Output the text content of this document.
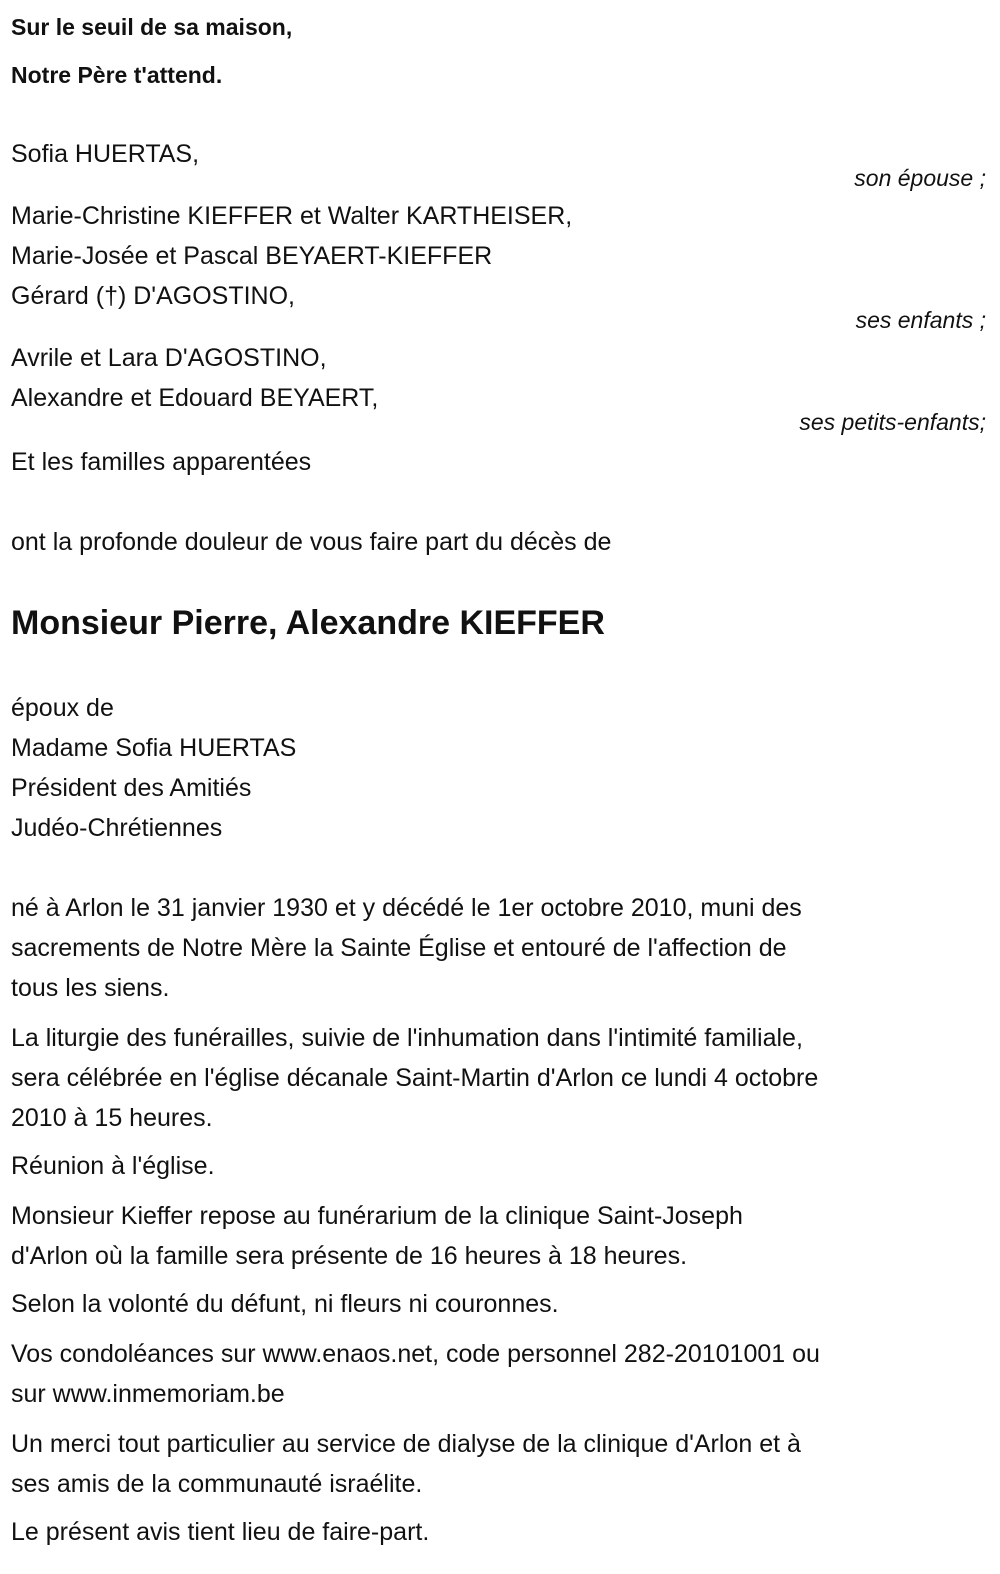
Sur le seuil de sa maison,
Notre Père t'attend.
Sofia HUERTAS,
son épouse ;
Marie-Christine KIEFFER et Walter KARTHEISER,
Marie-Josée et Pascal BEYAERT-KIEFFER
Gérard (†) D'AGOSTINO,
ses enfants ;
Avrile et Lara D'AGOSTINO,
Alexandre et Edouard BEYAERT,
ses petits-enfants;
Et les familles apparentées
ont la profonde douleur de vous faire part du décès de
Monsieur Pierre, Alexandre KIEFFER
époux de
Madame Sofia HUERTAS
Président des Amitiés
Judéo-Chrétiennes
né à Arlon le 31 janvier 1930 et y décédé le 1er octobre 2010, muni des
sacrements de Notre Mère la Sainte Église et entouré de l'affection de
tous les siens.
La liturgie des funérailles, suivie de l'inhumation dans l'intimité familiale,
sera célébrée en l'église décanale Saint-Martin d'Arlon ce lundi 4 octobre
2010 à 15 heures.
Réunion à l'église.
Monsieur Kieffer repose au funérarium de la clinique Saint-Joseph
d'Arlon où la famille sera présente de 16 heures à 18 heures.
Selon la volonté du défunt, ni fleurs ni couronnes.
Vos condoléances sur www.enaos.net, code personnel 282-20101001 ou
sur www.inmemoriam.be
Un merci tout particulier au service de dialyse de la clinique d'Arlon et à
ses amis de la communauté israélite.
Le présent avis tient lieu de faire-part.
